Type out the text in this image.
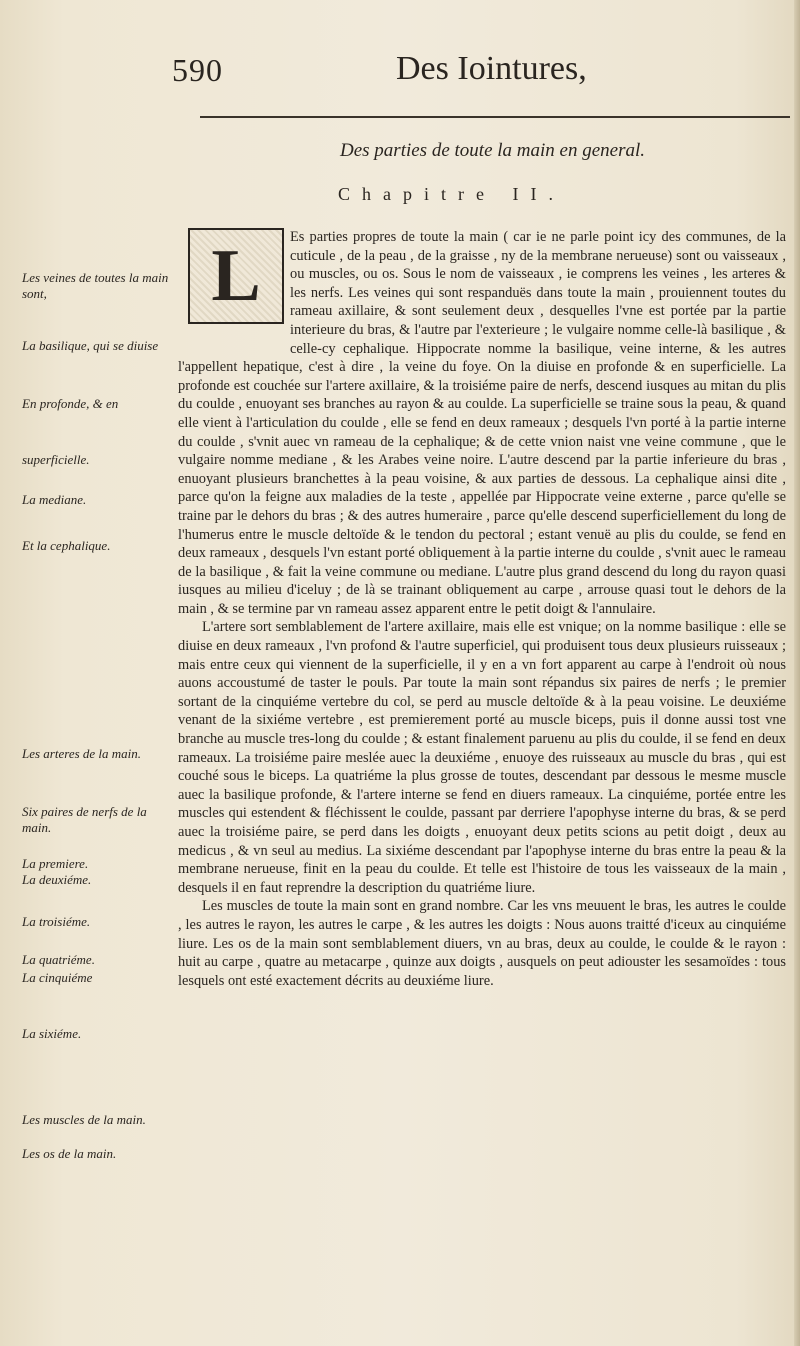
590	Des Iointures,
Des parties de toute la main en general.
Chapitre II.
L	Es parties propres de toute la main ( car ie ne parle point icy des communes, de la cuticule , de la peau , de la graisse , ny de la membrane nerueuse) sont ou vaisseaux , ou muscles, ou os. Sous le nom de vaisseaux , ie comprens les veines , les arteres & les nerfs. Les veines qui sont respanduës dans toute la main , prouiennent toutes du rameau axillaire, & sont seulement deux , desquelles l'vne est portée par la partie interieure du bras, & l'autre par l'exterieure ; le vulgaire nomme celle-là basilique , & celle-cy cephalique. Hippocrate nomme la basilique, veine interne, & les autres l'appellent hepatique, c'est à dire , la veine du foye. On la diuise en profonde & en superficielle. La profonde est couchée sur l'artere axillaire, & la troisiéme paire de nerfs, descend iusques au mitan du plis du coulde , enuoyant ses branches au rayon & au coulde. La superficielle se traine sous la peau, & quand elle vient à l'articulation du coulde , elle se fend en deux rameaux ; desquels l'vn porté à la partie interne du coulde , s'vnit auec vn rameau de la cephalique; & de cette vnion naist vne veine commune , que le vulgaire nomme mediane , & les Arabes veine noire. L'autre descend par la partie inferieure du bras , enuoyant plusieurs branchettes à la peau voisine, & aux parties de dessous. La cephalique ainsi dite , parce qu'on la feigne aux maladies de la teste , appellée par Hippocrate veine externe , parce qu'elle se traine par le dehors du bras ; & des autres humeraire , parce qu'elle descend superficiellement du long de l'humerus entre le muscle deltoïde & le tendon du pectoral ; estant venuë au plis du coulde, se fend en deux rameaux , desquels l'vn estant porté obliquement à la partie interne du coulde , s'vnit auec le rameau de la basilique , & fait la veine commune ou mediane. L'autre plus grand descend du long du rayon quasi iusques au milieu d'iceluy ; de là se trainant obliquement au carpe , arrouse quasi tout le dehors de la main , & se termine par vn rameau assez apparent entre le petit doigt & l'annulaire.

L'artere sort semblablement de l'artere axillaire, mais elle est vnique; on la nomme basilique : elle se diuise en deux rameaux , l'vn profond & l'autre superficiel, qui produisent tous deux plusieurs ruisseaux ; mais entre ceux qui viennent de la superficielle, il y en a vn fort apparent au carpe à l'endroit où nous auons accoustumé de taster le pouls. Par toute la main sont répandus six paires de nerfs ; le premier sortant de la cinquiéme vertebre du col, se perd au muscle deltoïde & à la peau voisine. Le deuxiéme venant de la sixiéme vertebre , est premierement porté au muscle biceps, puis il donne aussi tost vne branche au muscle tres-long du coulde ; & estant finalement paruenu au plis du coulde, il se fend en deux rameaux. La troisiéme paire meslée auec la deuxiéme , enuoye des ruisseaux au muscle du bras , qui est couché sous le biceps. La quatriéme la plus grosse de toutes, descendant par dessous le mesme muscle auec la basilique profonde, & l'artere interne se fend en diuers rameaux. La cinquiéme, portée entre les muscles qui estendent & fléchissent le coulde, passant par derriere l'apophyse interne du bras, & se perd auec la troisiéme paire, se perd dans les doigts , enuoyant deux petits scions au petit doigt , deux au medicus , & vn seul au medius. La sixiéme descendant par l'apophyse interne du bras entre la peau & la membrane nerueuse, finit en la peau du coulde. Et telle est l'histoire de tous les vaisseaux de la main , desquels il en faut reprendre la description du quatriéme liure.

Les muscles de toute la main sont en grand nombre. Car les vns meuuent le bras, les autres le coulde , les autres le rayon, les autres le carpe , & les autres les doigts : Nous auons traitté d'iceux au cinquiéme liure. Les os de la main sont semblablement diuers, vn au bras, deux au coulde, le coulde & le rayon : huit au carpe , quatre au metacarpe , quinze aux doigts , ausquels on peut adiouster les sesamoïdes : tous lesquels ont esté exactement décrits au deuxiéme liure.

Les veines de toutes la main sont,
La basilique, qui se diuise
En profonde, & en
superficielle.
La mediane.
Et la cephalique.
Les arteres de la main.
Six paires de nerfs de la main.
La premiere.
La deuxiéme.
La troisiéme.
La quatriéme.
La cinquiéme
La sixiéme.
Les muscles de la main.
Les os de la main.
